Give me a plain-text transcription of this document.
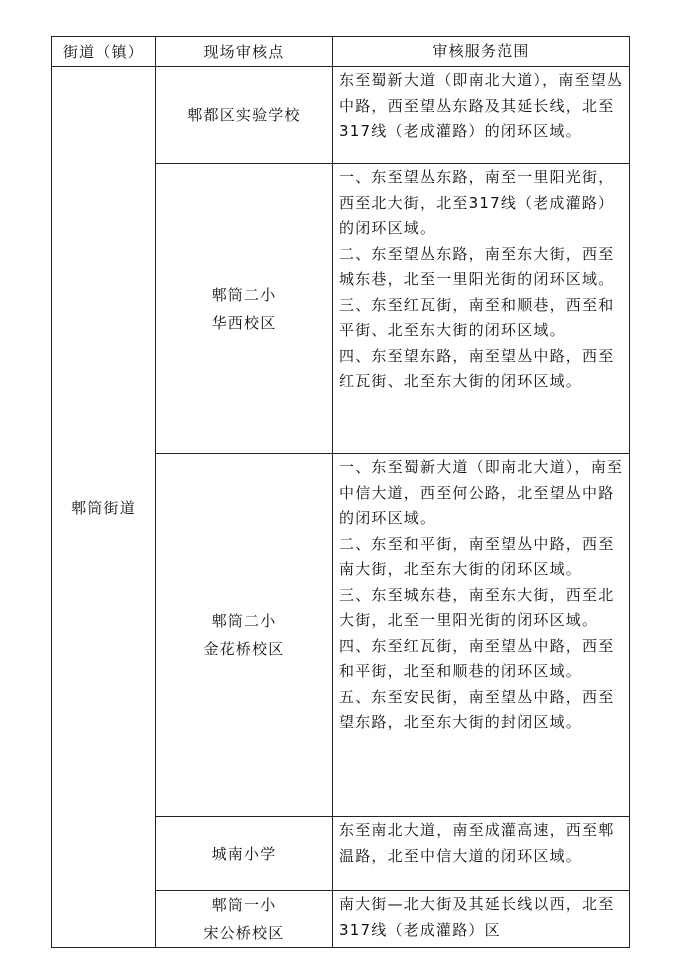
街道（镇）	现场审核点	审核服务范围
郫筒街道	郫都区实验学校	东至蜀新大道（即南北大道），南至望丛中路，西至望丛东路及其延长线，北至317线（老成灌路）的闭环区域。

	郫筒二小
华西校区	一、东至望丛东路，南至一里阳光街，西至北大街，北至317线（老成灌路）的闭环区域。
二、东至望丛东路，南至东大街，西至城东巷，北至一里阳光街的闭环区域。
三、东至红瓦街，南至和顺巷，西至和平街、北至东大街的闭环区域。
四、东至望东路，南至望丛中路，西至红瓦街、北至东大街的闭环区域。

	郫筒二小
金花桥校区	一、东至蜀新大道（即南北大道），南至中信大道，西至何公路，北至望丛中路的闭环区域。
二、东至和平街，南至望丛中路，西至南大街，北至东大街的闭环区域。
三、东至城东巷，南至东大街，西至北大街，北至一里阳光街的闭环区域。
四、东至红瓦街，南至望丛中路，西至和平街，北至和顺巷的闭环区域。
五、东至安民街，南至望丛中路，西至望东路，北至东大街的封闭区域。

	城南小学	东至南北大道，南至成灌高速，西至郫温路，北至中信大道的闭环区域。

	郫筒一小
宋公桥校区	南大街—北大街及其延长线以西，北至317线（老成灌路）区
